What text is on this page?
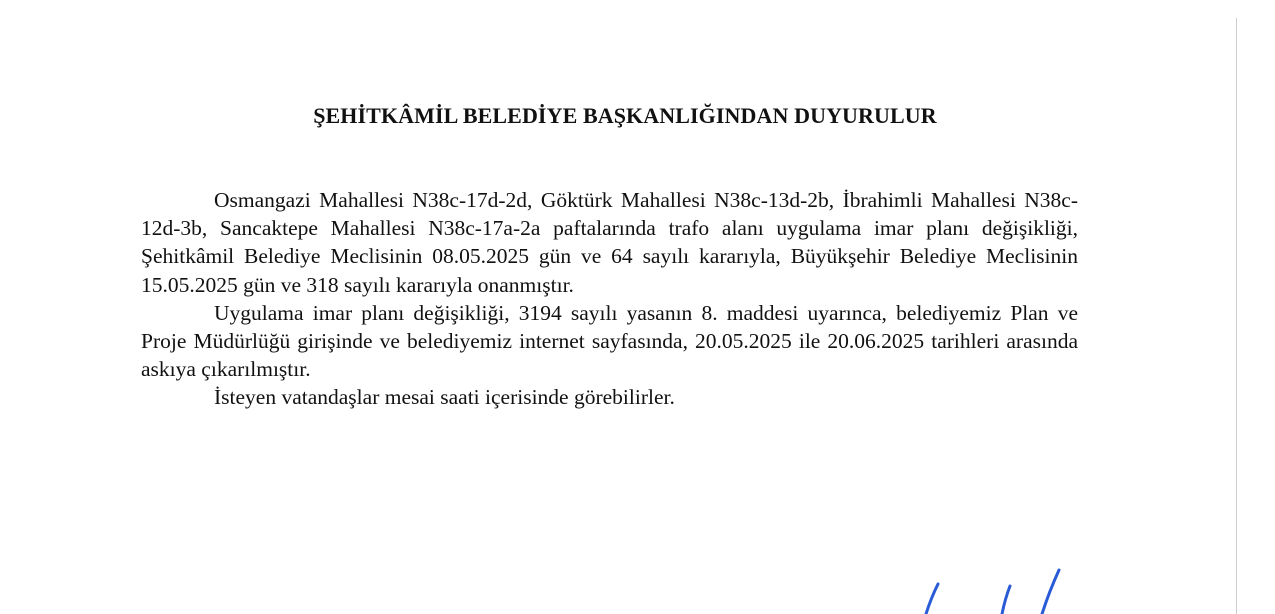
ŞEHİTKÂMİL BELEDİYE BAŞKANLIĞINDAN DUYURULUR

Osmangazi Mahallesi N38c-17d-2d, Göktürk Mahallesi N38c-13d-2b, İbrahimli Mahallesi N38c-12d-3b, Sancaktepe Mahallesi N38c-17a-2a paftalarında trafo alanı uygulama imar planı değişikliği, Şehitkâmil Belediye Meclisinin 08.05.2025 gün ve 64 sayılı kararıyla, Büyükşehir Belediye Meclisinin 15.05.2025 gün ve 318 sayılı kararıyla onanmıştır.

Uygulama imar planı değişikliği, 3194 sayılı yasanın 8. maddesi uyarınca, belediyemiz Plan ve Proje Müdürlüğü girişinde ve belediyemiz internet sayfasında, 20.05.2025 ile 20.06.2025 tarihleri arasında askıya çıkarılmıştır.

İsteyen vatandaşlar mesai saati içerisinde görebilirler.
